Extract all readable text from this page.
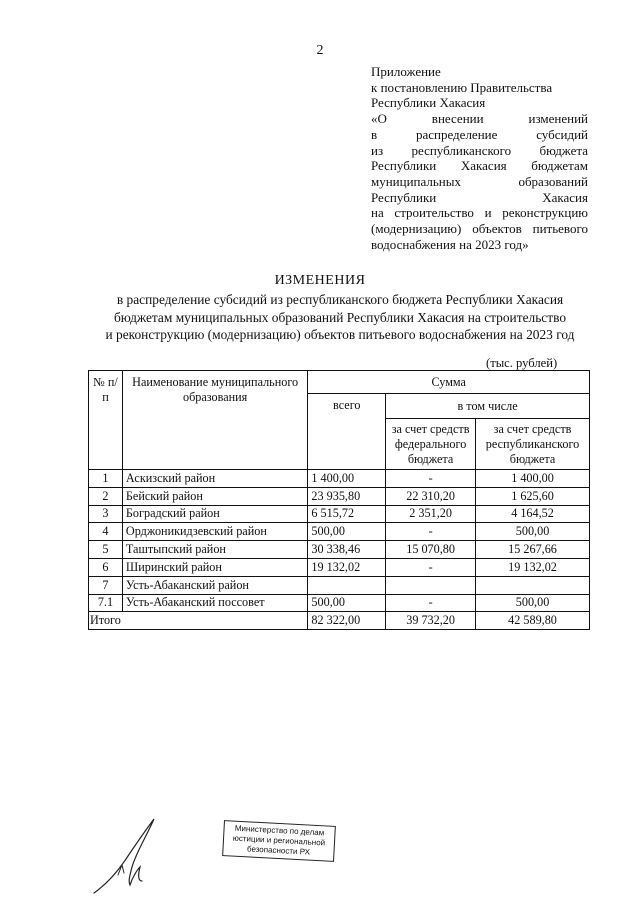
2
Приложение
к постановлению Правительства
Республики Хакасия
«О внесении изменений
в распределение субсидий
из республиканского бюджета
Республики Хакасия бюджетам
муниципальных образований
Республики Хакасия
на строительство и реконструкцию
(модернизацию) объектов питьевого
водоснабжения на 2023 год»
ИЗМЕНЕНИЯ
в распределение субсидий из республиканского бюджета Республики Хакасия
бюджетам муниципальных образований Республики Хакасия на строительство
и реконструкцию (модернизацию) объектов питьевого водоснабжения на 2023 год
(тыс. рублей)
№ п/п	Наименование муниципального образования	Сумма		
		всего	в том числе	
			за счет средств федерального бюджета	за счет средств республиканского бюджета
1	Аскизский район	1 400,00	-	1 400,00
2	Бейский район	23 935,80	22 310,20	1 625,60
3	Боградский район	6 515,72	2 351,20	4 164,52
4	Орджоникидзевский район	500,00	-	500,00
5	Таштыпский район	30 338,46	15 070,80	15 267,66
6	Ширинский район	19 132,02	-	19 132,02
7	Усть-Абаканский район			
7.1	Усть-Абаканский поссовет	500,00	-	500,00
Итого		82 322,00	39 732,20	42 589,80
Министерство по делам
юстиции и региональной
безопасности РХ
